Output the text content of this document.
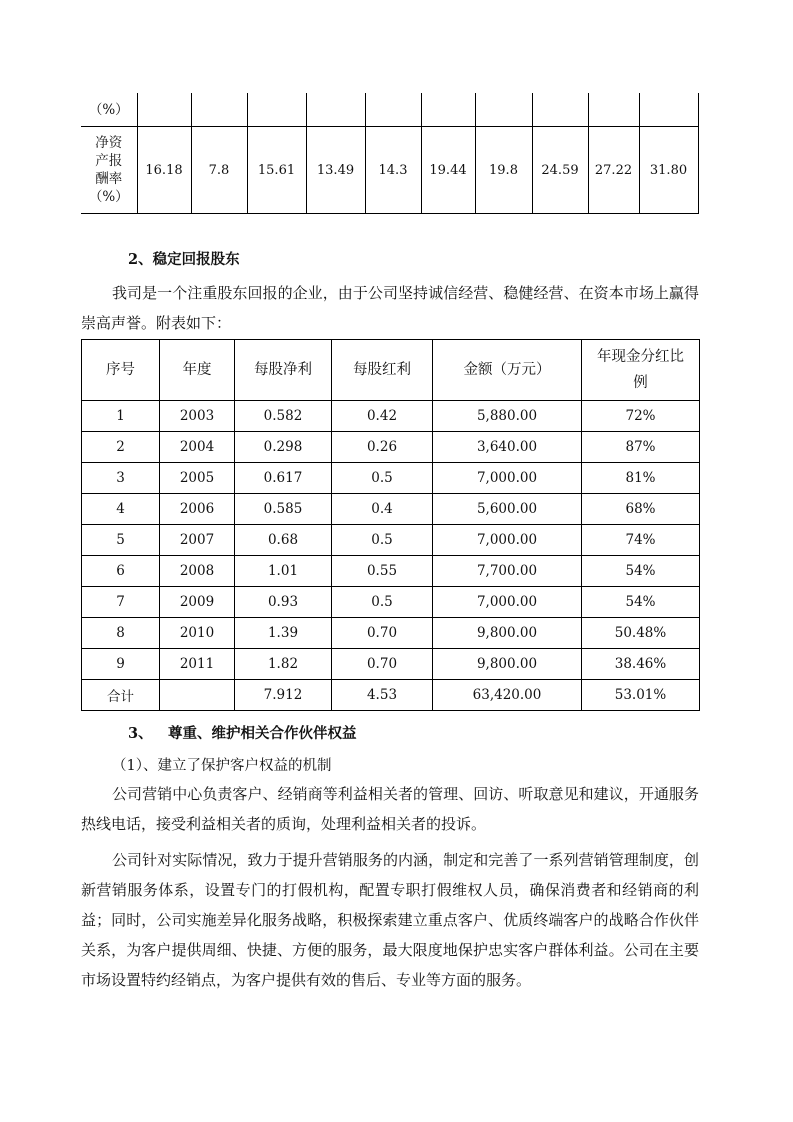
（%）										

净资
产报
酬率
（%）	16.18	7.8	15.61	13.49	14.3	19.44	19.8	24.59	27.22	31.80
2、稳定回报股东
我司是一个注重股东回报的企业，由于公司坚持诚信经营、稳健经营、在资本市场上赢得崇高声誉。附表如下：
序号	年度	每股净利	每股红利	金额（万元）	年现金分红比例
1	2003	0.582	0.42	5,880.00	72%
2	2004	0.298	0.26	3,640.00	87%
3	2005	0.617	0.5	7,000.00	81%
4	2006	0.585	0.4	5,600.00	68%
5	2007	0.68	0.5	7,000.00	74%
6	2008	1.01	0.55	7,700.00	54%
7	2009	0.93	0.5	7,000.00	54%
8	2010	1.39	0.70	9,800.00	50.48%
9	2011	1.82	0.70	9,800.00	38.46%
合计		7.912	4.53	63,420.00	53.01%
3、 尊重、维护相关合作伙伴权益
（1）、建立了保护客户权益的机制
公司营销中心负责客户、经销商等利益相关者的管理、回访、听取意见和建议，开通服务热线电话，接受利益相关者的质询，处理利益相关者的投诉。
公司针对实际情况，致力于提升营销服务的内涵，制定和完善了一系列营销管理制度，创新营销服务体系，设置专门的打假机构，配置专职打假维权人员，确保消费者和经销商的利益；同时，公司实施差异化服务战略，积极探索建立重点客户、优质终端客户的战略合作伙伴关系，为客户提供周细、快捷、方便的服务，最大限度地保护忠实客户群体利益。公司在主要市场设置特约经销点，为客户提供有效的售后、专业等方面的服务。
